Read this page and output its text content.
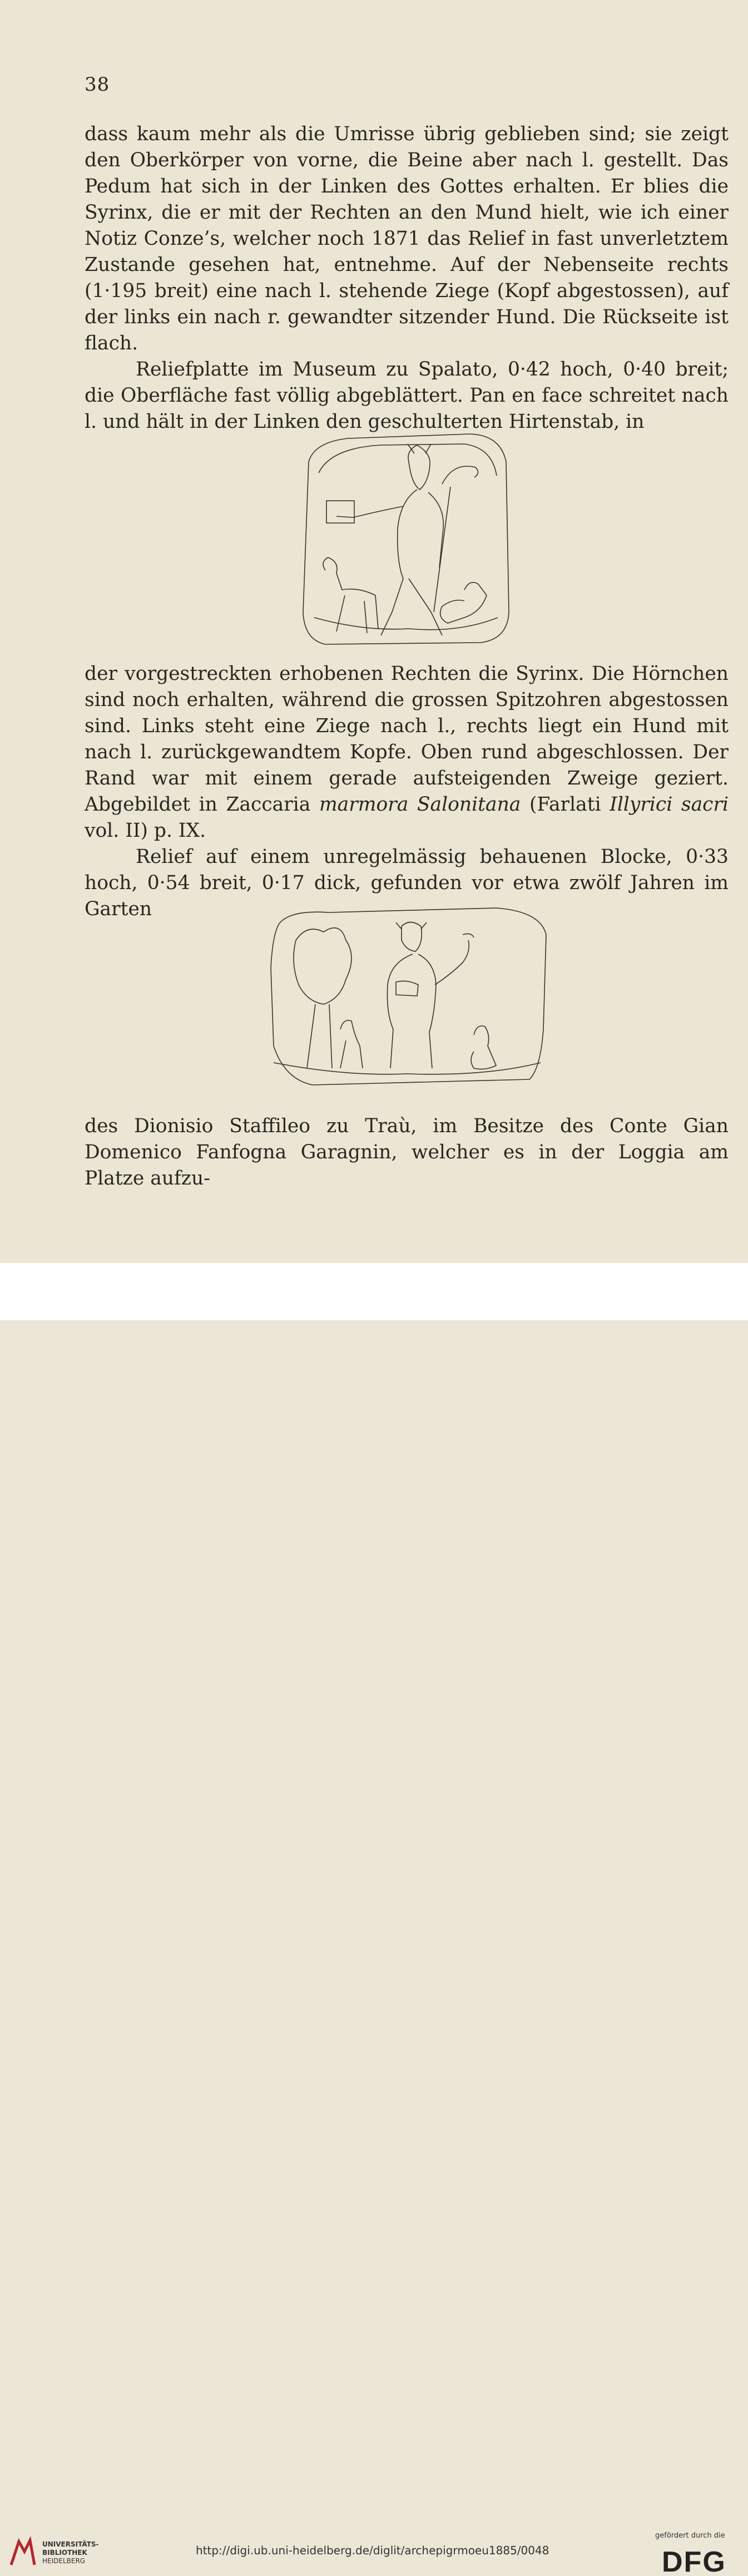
38

dass kaum mehr als die Umrisse übrig geblieben sind; sie zeigt den Oberkörper von vorne, die Beine aber nach l. gestellt. Das Pedum hat sich in der Linken des Gottes erhalten. Er blies die Syrinx, die er mit der Rechten an den Mund hielt, wie ich einer Notiz Conze’s, welcher noch 1871 das Relief in fast unverletztem Zustande gesehen hat, entnehme. Auf der Nebenseite rechts (1·195 breit) eine nach l. stehende Ziege (Kopf abgestossen), auf der links ein nach r. gewandter sitzender Hund. Die Rückseite ist flach.

Reliefplatte im Museum zu Spalato, 0·42 hoch, 0·40 breit; die Oberfläche fast völlig abgeblättert. Pan en face schreitet nach l. und hält in der Linken den geschulterten Hirtenstab, in

der vorgestreckten erhobenen Rechten die Syrinx. Die Hörnchen sind noch erhalten, während die grossen Spitzohren abgestossen sind. Links steht eine Ziege nach l., rechts liegt ein Hund mit nach l. zurückgewandtem Kopfe. Oben rund abgeschlossen. Der Rand war mit einem gerade aufsteigenden Zweige geziert. Abgebildet in Zaccaria marmora Salonitana (Farlati Illyrici sacri vol. II) p. IX.

Relief auf einem unregelmässig behauenen Blocke, 0·33 hoch, 0·54 breit, 0·17 dick, gefunden vor etwa zwölf Jahren im Garten

des Dionisio Staffileo zu Traù, im Besitze des Conte Gian Domenico Fanfogna Garagnin, welcher es in der Loggia am Platze aufzu-

UNIVERSITÄTS-
BIBLIOTHEK
HEIDELBERG
http://digi.ub.uni-heidelberg.de/diglit/archepigrmoeu1885/0048
gefördert durch die
DFG
